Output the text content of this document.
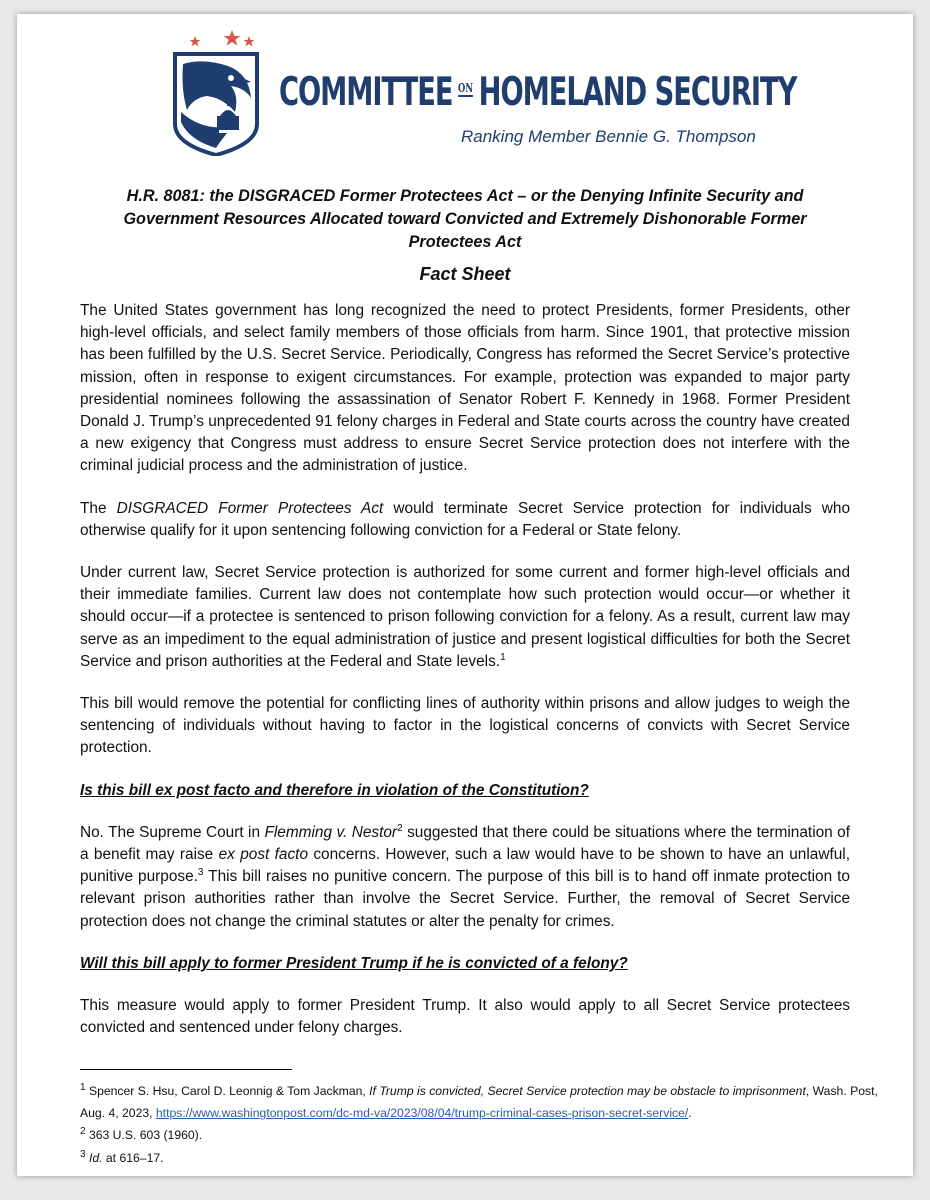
COMMITTEE ON HOMELAND SECURITY
Ranking Member Bennie G. Thompson
H.R. 8081: the DISGRACED Former Protectees Act – or the Denying Infinite Security and Government Resources Allocated toward Convicted and Extremely Dishonorable Former Protectees Act
Fact Sheet

The United States government has long recognized the need to protect Presidents, former Presidents, other high-level officials, and select family members of those officials from harm. Since 1901, that protective mission has been fulfilled by the U.S. Secret Service. Periodically, Congress has reformed the Secret Service’s protective mission, often in response to exigent circumstances. For example, protection was expanded to major party presidential nominees following the assassination of Senator Robert F. Kennedy in 1968. Former President Donald J. Trump’s unprecedented 91 felony charges in Federal and State courts across the country have created a new exigency that Congress must address to ensure Secret Service protection does not interfere with the criminal judicial process and the administration of justice.

The DISGRACED Former Protectees Act would terminate Secret Service protection for individuals who otherwise qualify for it upon sentencing following conviction for a Federal or State felony.

Under current law, Secret Service protection is authorized for some current and former high-level officials and their immediate families. Current law does not contemplate how such protection would occur—or whether it should occur—if a protectee is sentenced to prison following conviction for a felony. As a result, current law may serve as an impediment to the equal administration of justice and present logistical difficulties for both the Secret Service and prison authorities at the Federal and State levels.$^1$

This bill would remove the potential for conflicting lines of authority within prisons and allow judges to weigh the sentencing of individuals without having to factor in the logistical concerns of convicts with Secret Service protection.

Is this bill ex post facto and therefore in violation of the Constitution?

No. The Supreme Court in Flemming v. Nestor$^2$ suggested that there could be situations where the termination of a benefit may raise ex post facto concerns. However, such a law would have to be shown to have an unlawful, punitive purpose.$^3$ This bill raises no punitive concern. The purpose of this bill is to hand off inmate protection to relevant prison authorities rather than involve the Secret Service. Further, the removal of Secret Service protection does not change the criminal statutes or alter the penalty for crimes.

Will this bill apply to former President Trump if he is convicted of a felony?

This measure would apply to former President Trump. It also would apply to all Secret Service protectees convicted and sentenced under felony charges.

$^1$ Spencer S. Hsu, Carol D. Leonnig & Tom Jackman, If Trump is convicted, Secret Service protection may be obstacle to imprisonment, Wash. Post, Aug. 4, 2023, https://www.washingtonpost.com/dc-md-va/2023/08/04/trump-criminal-cases-prison-secret-service/.

$^2$ 363 U.S. 603 (1960).

$^3$ Id. at 616–17.
